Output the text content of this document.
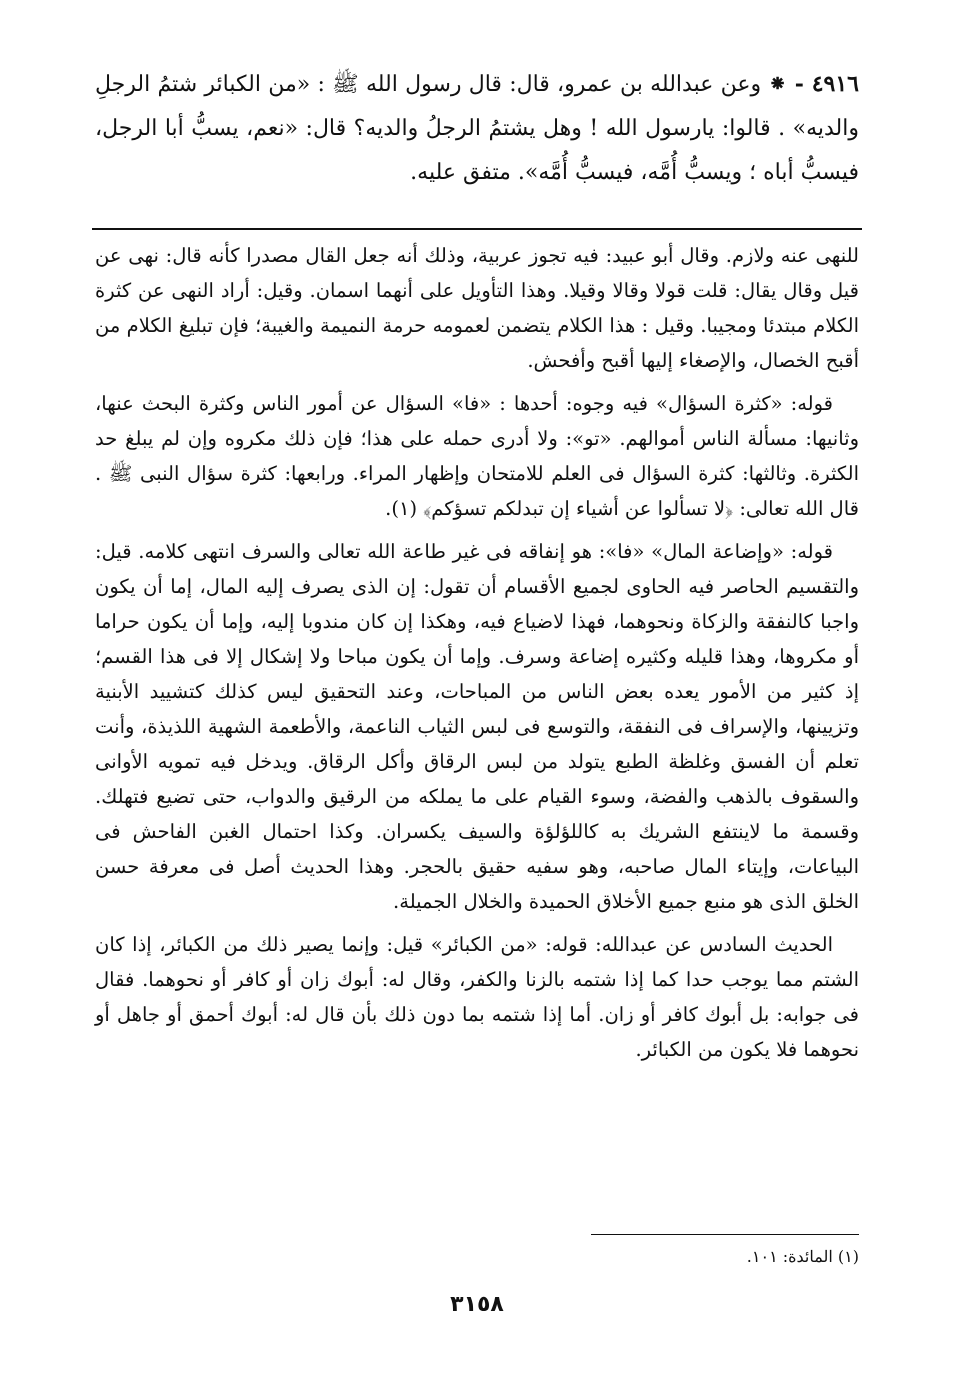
٤٩١٦ - ⁕ وعن عبدالله بن عمرو، قال: قال رسول الله ﷺ : «من الكبائر شتمُ الرجلِ والديه» . قالوا: يارسول الله ! وهل يشتمُ الرجلُ والديه؟ قال: «نعم، يسبُّ أبا الرجل، فيسبُّ أباه ؛ ويسبُّ أُمَّه، فيسبُّ أُمَّه». متفق عليه.

للنهى عنه ولازم. وقال أبو عبيد: فيه تجوز عربية، وذلك أنه جعل القال مصدرا كأنه قال: نهى عن قيل وقال يقال: قلت قولا وقالا وقيلا. وهذا التأويل على أنهما اسمان. وقيل: أراد النهى عن كثرة الكلام مبتدئا ومجيبا. وقيل : هذا الكلام يتضمن لعمومه حرمة النميمة والغيبة؛ فإن تبليغ الكلام من أقبح الخصال، والإصغاء إليها أقبح وأفحش.

قوله: «كثرة السؤال» فيه وجوه: أحدها : «فا» السؤال عن أمور الناس وكثرة البحث عنها، وثانيها: مسألة الناس أموالهم. «تو»: ولا أدرى حمله على هذا؛ فإن ذلك مكروه وإن لم يبلغ حد الكثرة. وثالثها: كثرة السؤال فى العلم للامتحان وإظهار المراء. ورابعها: كثرة سؤال النبى ﷺ . قال الله تعالى: ﴿لا تسألوا عن أشياء إن تبدلكم تسؤكم﴾ (١).

قوله: «وإضاعة المال» «فا»: هو إنفاقه فى غير طاعة الله تعالى والسرف انتهى كلامه. قيل: والتقسيم الحاصر فيه الحاوى لجميع الأقسام أن تقول: إن الذى يصرف إليه المال، إما أن يكون واجبا كالنفقة والزكاة ونحوهما، فهذا لاضياع فيه، وهكذا إن كان مندوبا إليه، وإما أن يكون حراما أو مكروها، وهذا قليله وكثيره إضاعة وسرف. وإما أن يكون مباحا ولا إشكال إلا فى هذا القسم؛ إذ كثير من الأمور يعده بعض الناس من المباحات، وعند التحقيق ليس كذلك كتشييد الأبنية وتزيينها، والإسراف فى النفقة، والتوسع فى لبس الثياب الناعمة، والأطعمة الشهية اللذيذة، وأنت تعلم أن الفسق وغلظة الطبع يتولد من لبس الرقاق وأكل الرقاق. ويدخل فيه تمويه الأوانى والسقوف بالذهب والفضة، وسوء القيام على ما يملكه من الرقيق والدواب، حتى تضيع فتهلك. وقسمة ما لاينتفع الشريك به كاللؤلؤة والسيف يكسران. وكذا احتمال الغبن الفاحش فى البياعات، وإيتاء المال صاحبه، وهو سفيه حقيق بالحجر. وهذا الحديث أصل فى معرفة حسن الخلق الذى هو منبع جميع الأخلاق الحميدة والخلال الجميلة.

الحديث السادس عن عبدالله: قوله: «من الكبائر» قيل: وإنما يصير ذلك من الكبائر، إذا كان الشتم مما يوجب حدا كما إذا شتمه بالزنا والكفر، وقال له: أبوك زان أو كافر أو نحوهما. فقال فى جوابه: بل أبوك كافر أو زان. أما إذا شتمه بما دون ذلك بأن قال له: أبوك أحمق أو جاهل أو نحوهما فلا يكون من الكبائر.

(١) المائدة: ١٠١.
٣١٥٨
